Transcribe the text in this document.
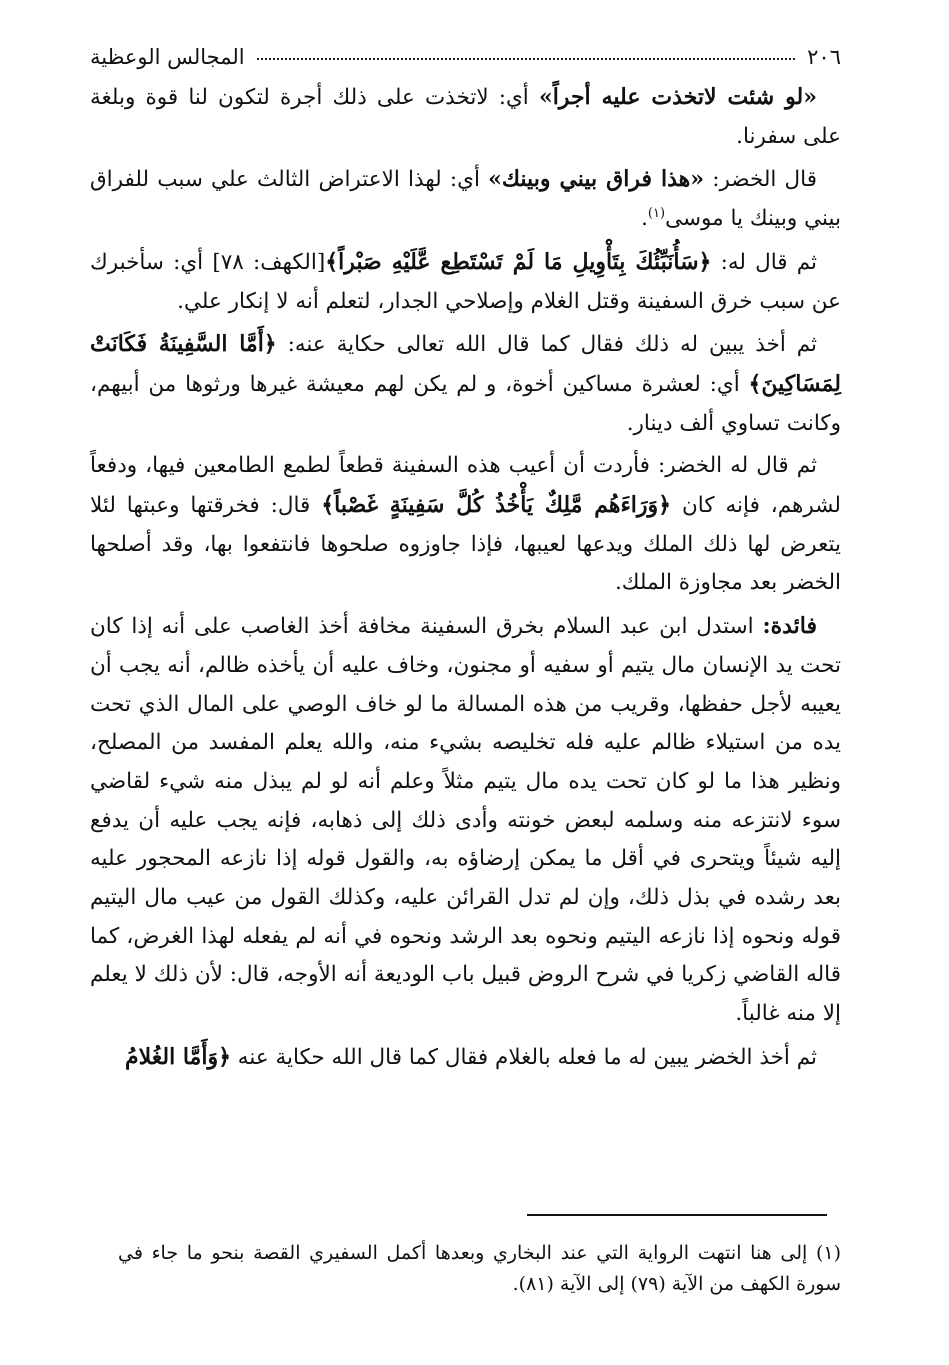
٢٠٦
المجالس الوعظية

«لو شئت لاتخذت عليه أجراً» أي: لاتخذت على ذلك أجرة لتكون لنا قوة وبلغة على سفرنا.

قال الخضر: «هذا فراق بيني وبينك» أي: لهذا الاعتراض الثالث علي سبب للفراق بيني وبينك يا موسى$^{(١)}$.

ثم قال له: ﴿سَأُنَبِّئُكَ بِتَأْوِيلِ مَا لَمْ تَسْتَطِع عَّلَيْهِ صَبْراً﴾[الكهف: ٧٨] أي: سأخبرك عن سبب خرق السفينة وقتل الغلام وإصلاحي الجدار، لتعلم أنه لا إنكار علي.

ثم أخذ يبين له ذلك فقال كما قال الله تعالى حكاية عنه: ﴿أَمَّا السَّفِينَةُ فَكَانَتْ لِمَسَاكِينَ﴾ أي: لعشرة مساكين أخوة، و لم يكن لهم معيشة غيرها ورثوها من أبيهم، وكانت تساوي ألف دينار.

ثم قال له الخضر: فأردت أن أعيب هذه السفينة قطعاً لطمع الطامعين فيها، ودفعاً لشرهم، فإنه كان ﴿وَرَاءَهُم مَّلِكٌ يَأْخُذُ كُلَّ سَفِينَةٍ غَصْباً﴾ قال: فخرقتها وعبتها لئلا يتعرض لها ذلك الملك ويدعها لعيبها، فإذا جاوزوه صلحوها فانتفعوا بها، وقد أصلحها الخضر بعد مجاوزة الملك.

فائدة: استدل ابن عبد السلام بخرق السفينة مخافة أخذ الغاصب على أنه إذا كان تحت يد الإنسان مال يتيم أو سفيه أو مجنون، وخاف عليه أن يأخذه ظالم، أنه يجب أن يعيبه لأجل حفظها، وقريب من هذه المسالة ما لو خاف الوصي على المال الذي تحت يده من استيلاء ظالم عليه فله تخليصه بشيء منه، والله يعلم المفسد من المصلح، ونظير هذا ما لو كان تحت يده مال يتيم مثلاً وعلم أنه لو لم يبذل منه شيء لقاضي سوء لانتزعه منه وسلمه لبعض خونته وأدى ذلك إلى ذهابه، فإنه يجب عليه أن يدفع إليه شيئاً ويتحرى في أقل ما يمكن إرضاؤه به، والقول قوله إذا نازعه المحجور عليه بعد رشده في بذل ذلك، وإن لم تدل القرائن عليه، وكذلك القول من عيب مال اليتيم قوله ونحوه إذا نازعه اليتيم ونحوه بعد الرشد ونحوه في أنه لم يفعله لهذا الغرض، كما قاله القاضي زكريا في شرح الروض قبيل باب الوديعة أنه الأوجه، قال: لأن ذلك لا يعلم إلا منه غالباً.

ثم أخذ الخضر يبين له ما فعله بالغلام فقال كما قال الله حكاية عنه ﴿وَأَمَّا الغُلامُ

(١) إلى هنا انتهت الرواية التي عند البخاري وبعدها أكمل السفيري القصة بنحو ما جاء في سورة الكهف من الآية (٧٩) إلى الآية (٨١).
